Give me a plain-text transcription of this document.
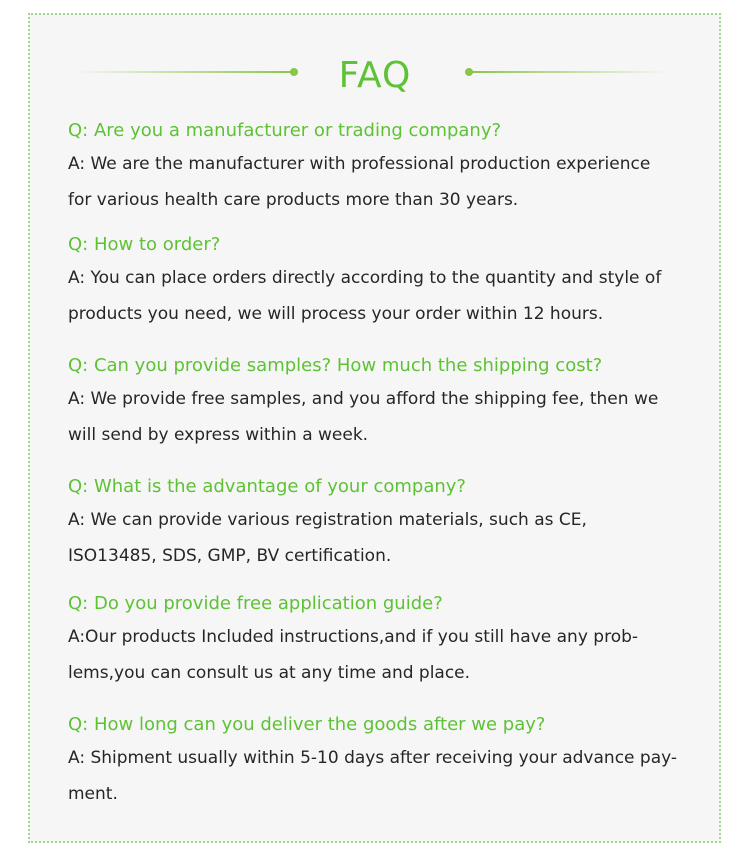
FAQ
Q: Are you a manufacturer or trading company?
A: We are the manufacturer with professional production experience
for various health care products more than 30 years.
Q: How to order?
A: You can place orders directly according to the quantity and style of
products you need, we will process your order within 12 hours.
Q: Can you provide samples? How much the shipping cost?
A: We provide free samples, and you afford the shipping fee, then we
will send by express within a week.
Q: What is the advantage of your company?
A: We can provide various registration materials, such as CE,
ISO13485, SDS, GMP, BV certification.
Q: Do you provide free application guide?
A:Our products Included instructions,and if you still have any prob-
lems,you can consult us at any time and place.
Q: How long can you deliver the goods after we pay?
A: Shipment usually within 5-10 days after receiving your advance pay-
ment.
